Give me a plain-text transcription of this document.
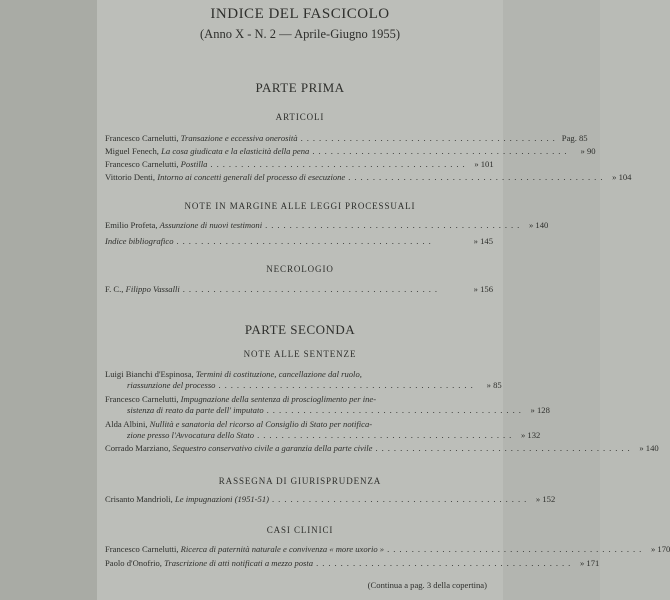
INDICE DEL FASCICOLO
(Anno X - N. 2 — Aprile-Giugno 1955)
PARTE PRIMA
ARTICOLI
Francesco Carnelutti, Transazione e eccessiva onerosità .......................................... Pag. 85
Miguel Fenech, La cosa giudicata e la elasticità della pena ..........................................	» 90
Francesco Carnelutti, Postilla .......................................... » 101
Vittorio Denti, Intorno ai concetti generali del processo di esecuzione .......................................... » 104
NOTE IN MARGINE ALLE LEGGI PROCESSUALI
Emilio Profeta, Assunzione di nuovi testimoni .......................................... » 140
Indice bibliografico ..........................................	» 145
NECROLOGIO
F. C., Filippo Vassalli ..........................................	» 156
PARTE SECONDA
NOTE ALLE SENTENZE
Luigi Bianchi d'Espinosa, Termini di costituzione, cancellazione dal ruolo,
riassunzione del processo ..........................................	» 85
Francesco Carnelutti, Impugnazione della sentenza di proscioglimento per ine-
sistenza di reato da parte dell' imputato .......................................... » 128
Alda Albini, Nullità e sanatoria del ricorso al Consiglio di Stato per notifica-
zione presso l'Avvocatura dello Stato .......................................... » 132
Corrado Marziano, Sequestro conservativo civile a garanzia della parte civile .......................................... » 140
RASSEGNA DI GIURISPRUDENZA
Crisanto Mandrioli, Le impugnazioni (1951-51) .......................................... » 152
CASI CLINICI
Francesco Carnelutti, Ricerca di paternità naturale e convivenza « more uxorio » .......................................... » 170
Paolo d'Onofrio, Trascrizione di atti notificati a mezzo posta .......................................... » 171
(Continua a pag. 3 della copertina)
